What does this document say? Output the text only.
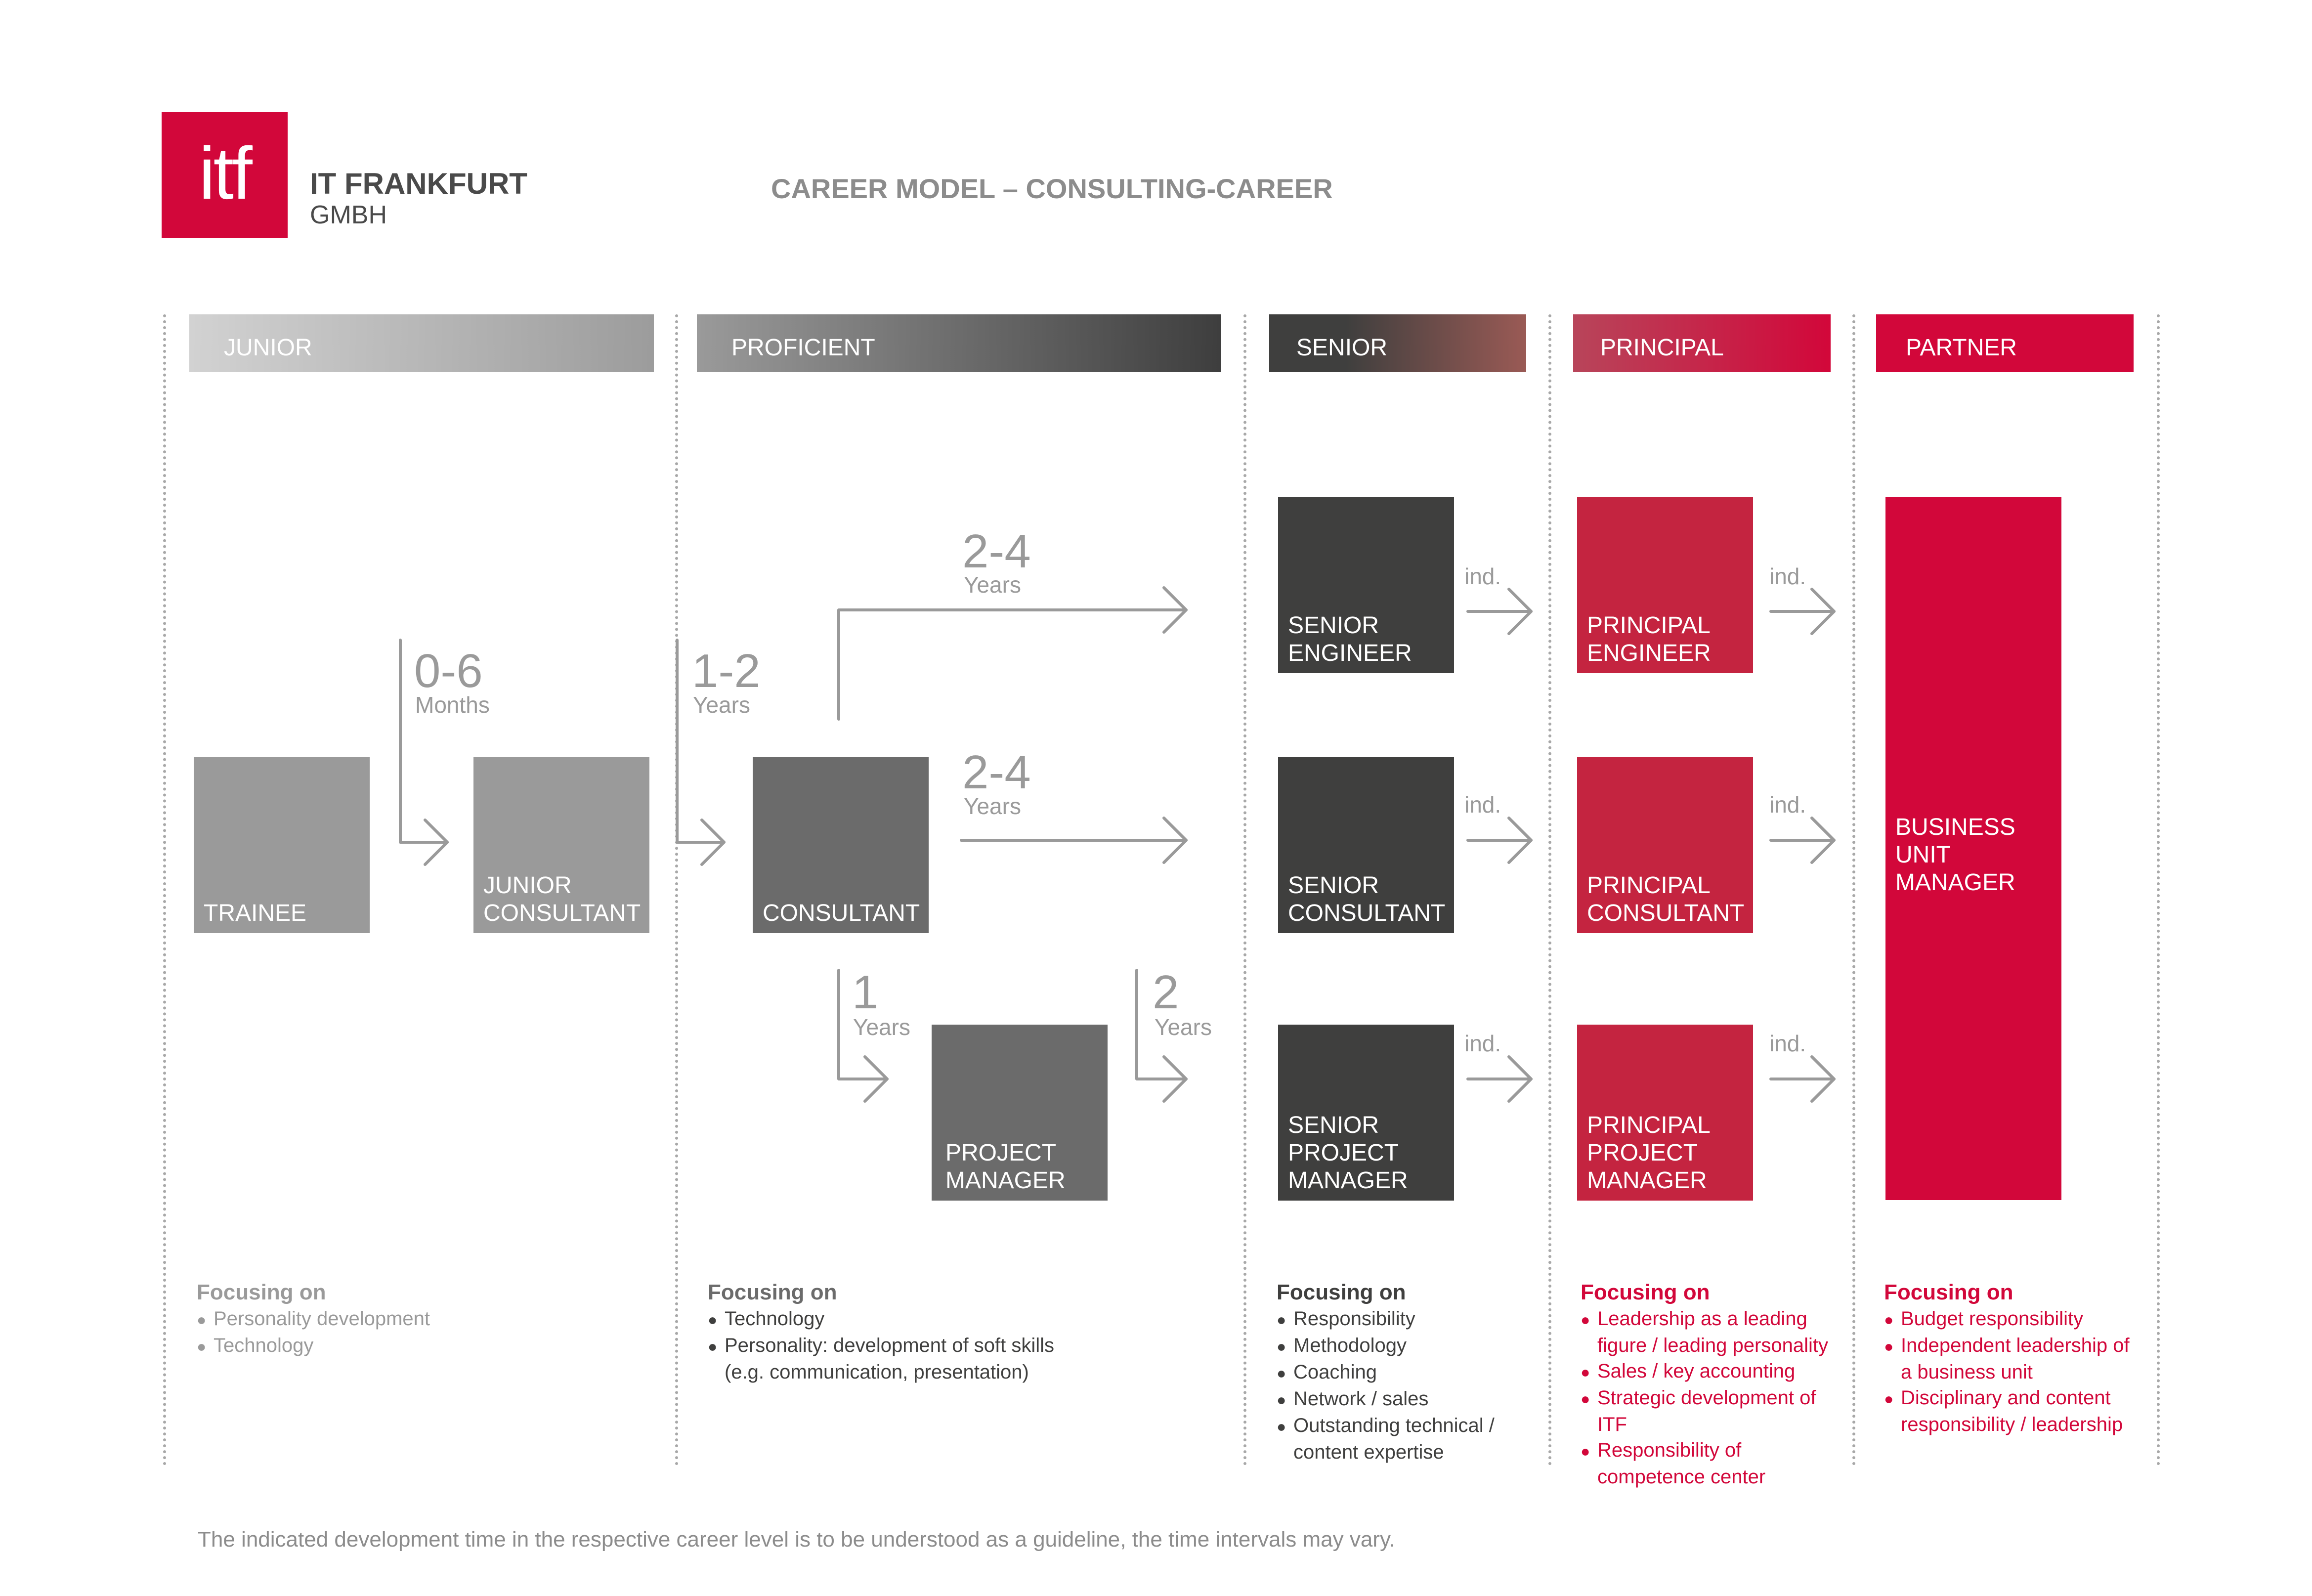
itf	IT FRANKFURT
GMBH
CAREER MODEL – CONSULTING-CAREER
JUNIOR	PROFICIENT	SENIOR	PRINCIPAL	PARTNER
0-6
Months
1-2
Years
2-4
Years
2-4
Years
1
Years
2
Years
ind.
ind.
ind.
ind.
ind.
ind.
TRAINEE
JUNIOR CONSULTANT	CONSULTANT
PROJECT MANAGER
SENIOR ENGINEER
SENIOR CONSULTANT
SENIOR PROJECT MANAGER
PRINCIPAL ENGINEER
PRINCIPAL CONSULTANT
PRINCIPAL PROJECT MANAGER
BUSINESS UNIT MANAGER
Focusing on
● Personality development
● Technology
Focusing on
● Technology
● Personality: development of soft skills (e.g. communication, presentation)
Focusing on
● Responsibility
● Methodology
● Coaching
● Network / sales
● Outstanding technical / content expertise
Focusing on
● Leadership as a leading figure / leading personality
● Sales / key accounting
● Strategic development of ITF
● Responsibility of competence center
Focusing on
● Budget responsibility
● Independent leadership of a business unit
● Disciplinary and content responsibility / leadership
The indicated development time in the respective career level is to be understood as a guideline, the time intervals may vary.
